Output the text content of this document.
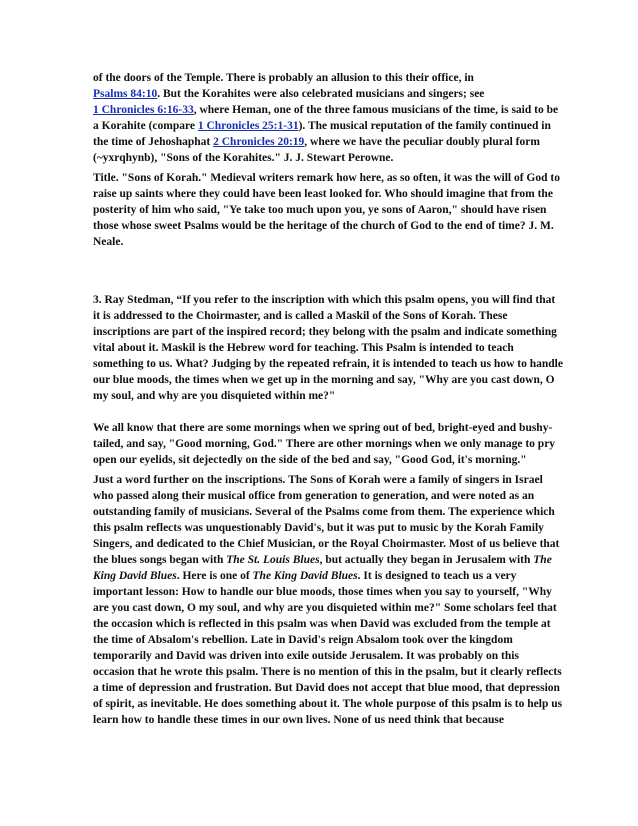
of the doors of the Temple. There is probably an allusion to this their office, in
Psalms 84:10. But the Korahites were also celebrated musicians and singers; see
1 Chronicles 6:16-33, where Heman, one of the three famous musicians of the time, is said to be a Korahite (compare 1 Chronicles 25:1-31). The musical reputation of the family continued in the time of Jehoshaphat 2 Chronicles 20:19, where we have the peculiar doubly plural form (~yxrqhynb), "Sons of the Korahites." J. J. Stewart Perowne.

Title. "Sons of Korah." Medieval writers remark how here, as so often, it was the will of God to raise up saints where they could have been least looked for. Who should imagine that from the posterity of him who said, "Ye take too much upon you, ye sons of Aaron," should have risen those whose sweet Psalms would be the heritage of the church of God to the end of time? J. M. Neale.

3. Ray Stedman, “If you refer to the inscription with which this psalm opens, you will find that it is addressed to the Choirmaster, and is called a Maskil of the Sons of Korah. These inscriptions are part of the inspired record; they belong with the psalm and indicate something vital about it. Maskil is the Hebrew word for teaching. This Psalm is intended to teach something to us. What? Judging by the repeated refrain, it is intended to teach us how to handle our blue moods, the times when we get up in the morning and say, "Why are you cast down, O my soul, and why are you disquieted within me?"

We all know that there are some mornings when we spring out of bed, bright-eyed and bushy-tailed, and say, "Good morning, God." There are other mornings when we only manage to pry open our eyelids, sit dejectedly on the side of the bed and say, "Good God, it's morning."

Just a word further on the inscriptions. The Sons of Korah were a family of singers in Israel who passed along their musical office from generation to generation, and were noted as an outstanding family of musicians. Several of the Psalms come from them. The experience which this psalm reflects was unquestionably David's, but it was put to music by the Korah Family Singers, and dedicated to the Chief Musician, or the Royal Choirmaster. Most of us believe that the blues songs began with The St. Louis Blues, but actually they began in Jerusalem with The King David Blues. Here is one of The King David Blues. It is designed to teach us a very important lesson: How to handle our blue moods, those times when you say to yourself, "Why are you cast down, O my soul, and why are you disquieted within me?" Some scholars feel that the occasion which is reflected in this psalm was when David was excluded from the temple at the time of Absalom's rebellion. Late in David's reign Absalom took over the kingdom temporarily and David was driven into exile outside Jerusalem. It was probably on this occasion that he wrote this psalm. There is no mention of this in the psalm, but it clearly reflects a time of depression and frustration. But David does not accept that blue mood, that depression of spirit, as inevitable. He does something about it. The whole purpose of this psalm is to help us learn how to handle these times in our own lives. None of us need think that because
